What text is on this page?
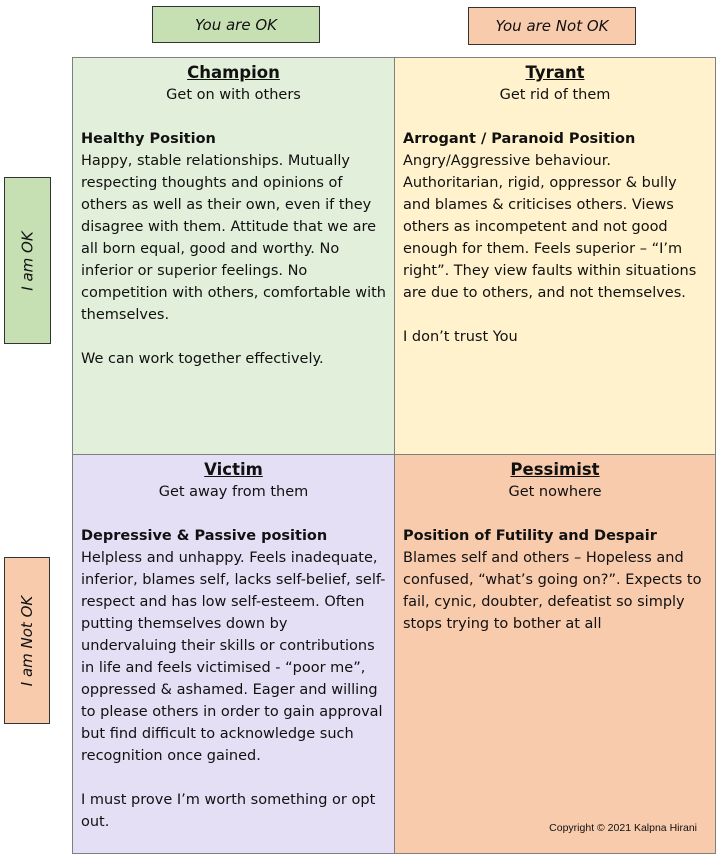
You are OK	You are Not OK
I am OK
I am Not OK
Champion
Get on with others
Healthy Position
Happy, stable relationships. Mutually respecting thoughts and opinions of others as well as their own, even if they disagree with them. Attitude that we are all born equal, good and worthy. No inferior or superior feelings. No competition with others, comfortable with themselves.
We can work together effectively.
Tyrant
Get rid of them
Arrogant / Paranoid Position
Angry/Aggressive behaviour. Authoritarian, rigid, oppressor & bully and blames & criticises others. Views others as incompetent and not good enough for them. Feels superior – “I’m right”. They view faults within situations are due to others, and not themselves.
I don’t trust You
Victim
Get away from them
Depressive & Passive position
Helpless and unhappy. Feels inadequate, inferior, blames self, lacks self-belief, self-respect and has low self-esteem. Often putting themselves down by undervaluing their skills or contributions in life and feels victimised - “poor me”, oppressed & ashamed. Eager and willing to please others in order to gain approval but find difficult to acknowledge such recognition once gained.
I must prove I’m worth something or opt out.
Pessimist
Get nowhere
Position of Futility and Despair
Blames self and others – Hopeless and confused, “what’s going on?”. Expects to fail, cynic, doubter, defeatist so simply stops trying to bother at all
Copyright © 2021 Kalpna Hirani
